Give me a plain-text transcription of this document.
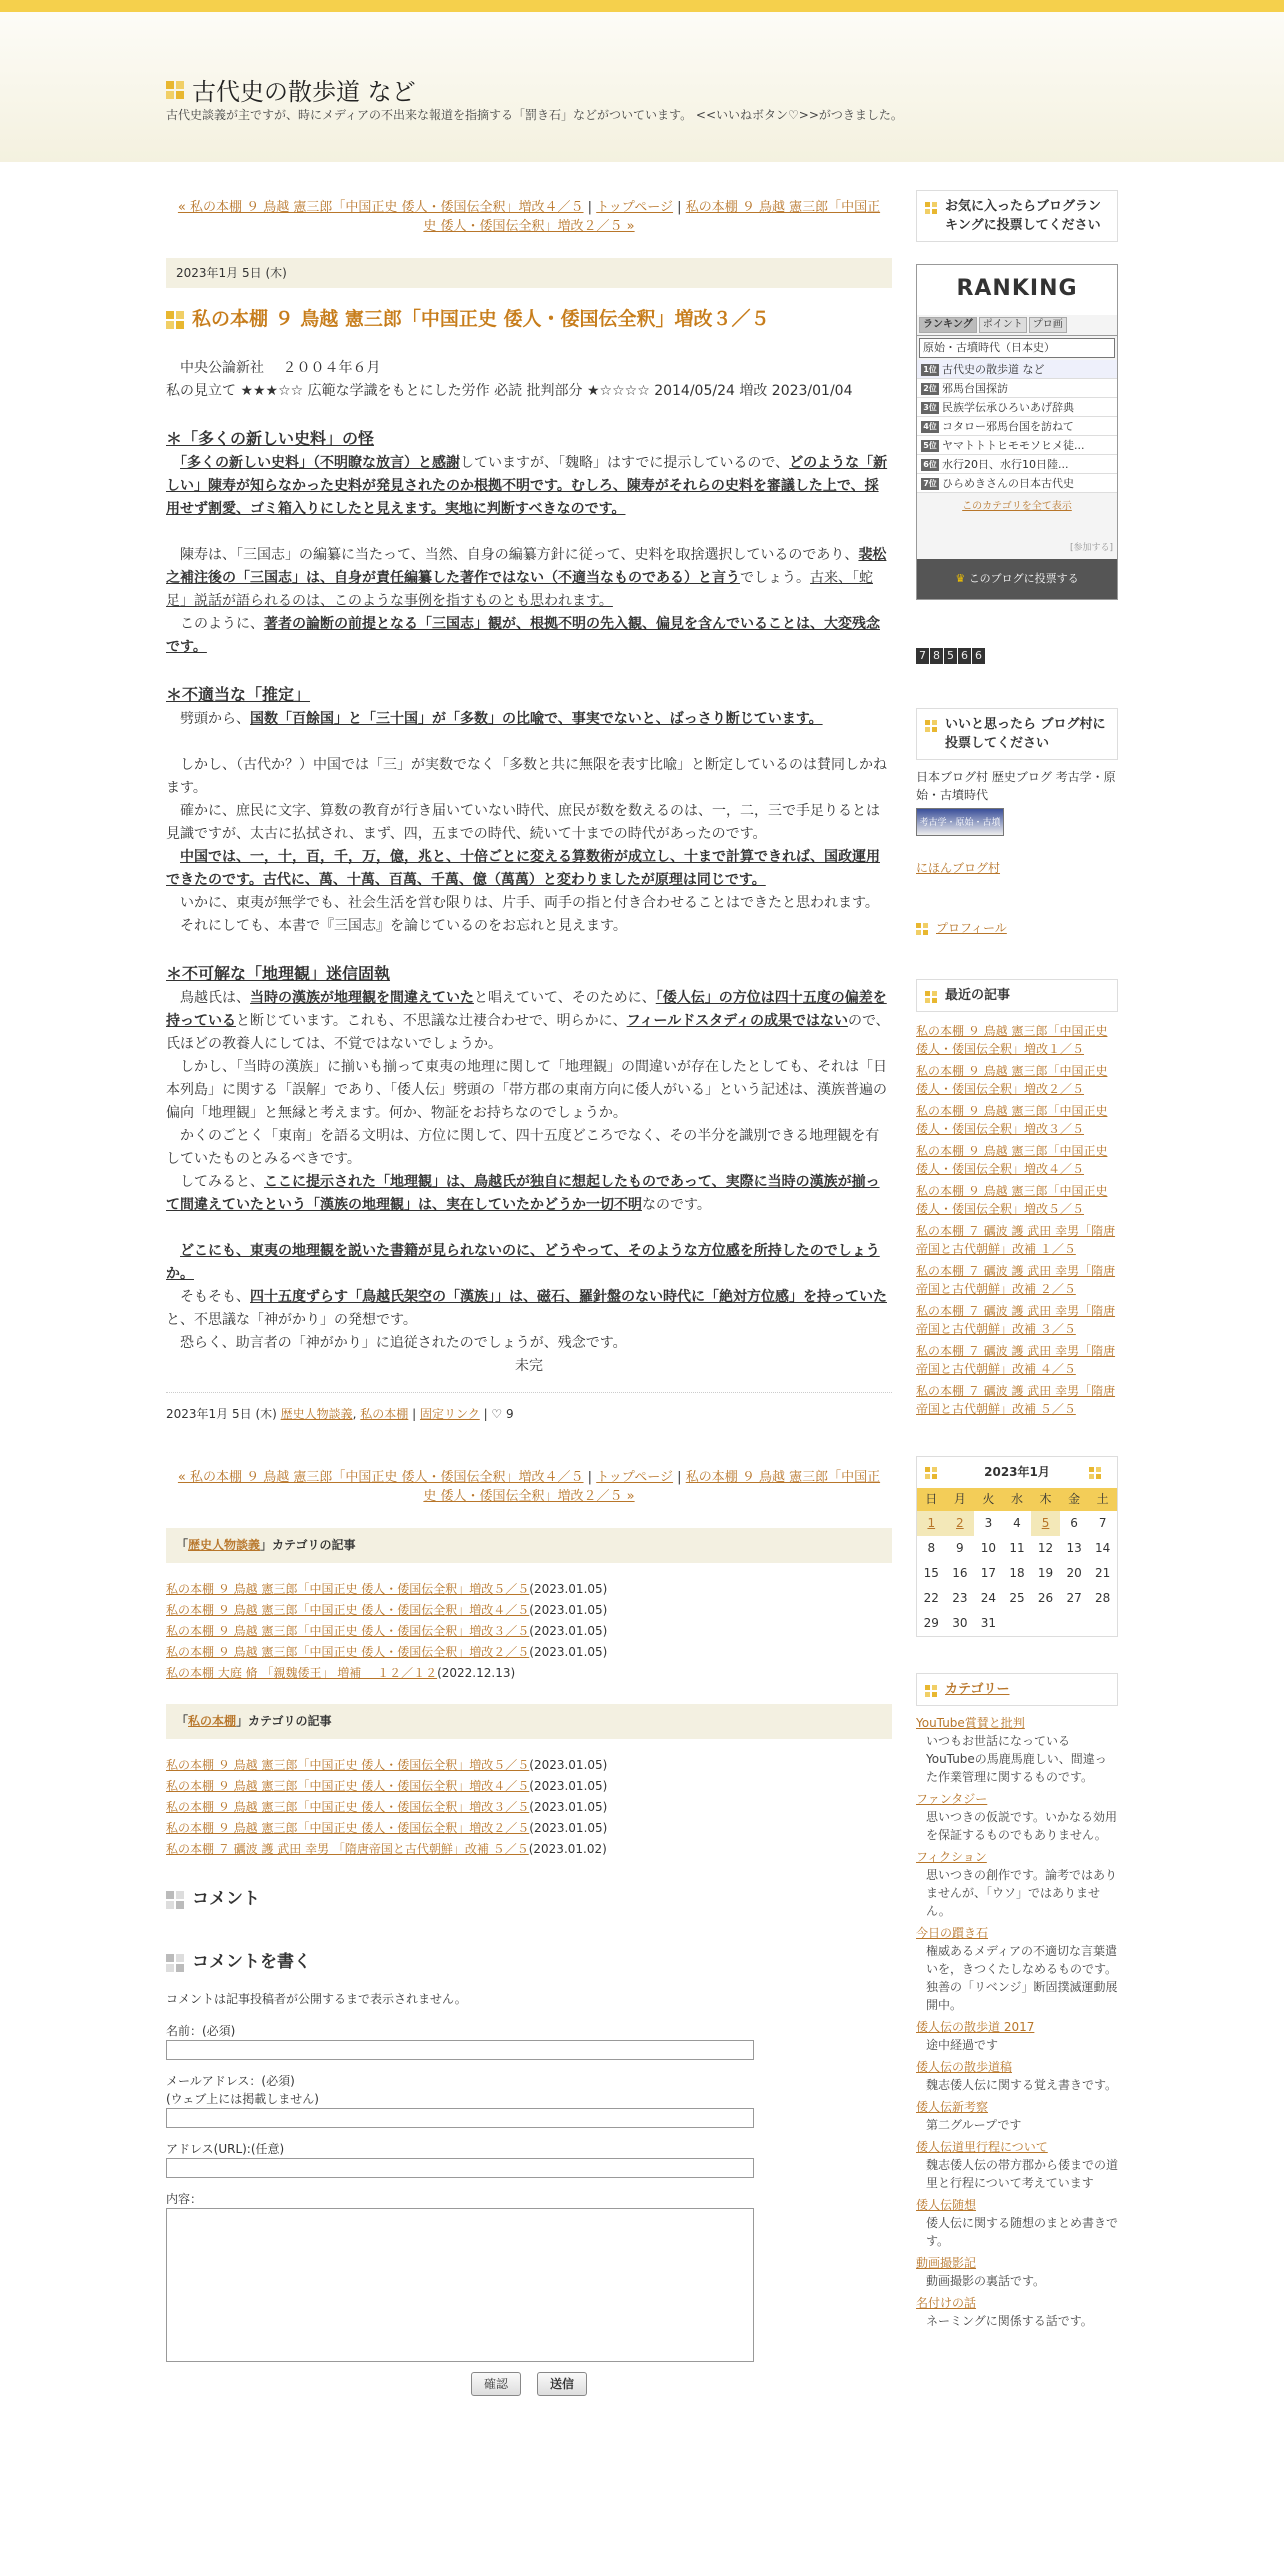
古代史の散歩道 など
古代史談義が主ですが、時にメディアの不出来な報道を指摘する「罰き石」などがついています。 <<いいねボタン♡>>がつきました。
« 私の本棚 ９ 鳥越 憲三郎「中国正史 倭人・倭国伝全釈」増改４／５ | トップページ | 私の本棚 ９ 鳥越 憲三郎「中国正史 倭人・倭国伝全釈」増改２／５ »
2023年1月 5日 (木)
私の本棚 ９ 鳥越 憲三郎「中国正史 倭人・倭国伝全釈」増改３／５

　中央公論新社　 ２００４年６月

私の見立て ★★★☆☆ 広範な学識をもとにした労作 必読 批判部分 ★☆☆☆☆ 2014/05/24 増改 2023/01/04

＊「多くの新しい史料」の怪

　「多くの新しい史料」（不明瞭な放言）と感謝していますが、「魏略」はすでに提示しているので、どのような「新しい」陳寿が知らなかった史料が発見されたのか根拠不明です。むしろ、陳寿がそれらの史料を審議した上で、採用せず割愛、ゴミ箱入りにしたと見えます。実地に判断すべきなのです。

　陳寿は、「三国志」の編纂に当たって、当然、自身の編纂方針に従って、史料を取捨選択しているのであり、裴松之補注後の「三国志」は、自身が責任編纂した著作ではない（不適当なものである）と言うでしょう。古来、「蛇足」説話が語られるのは、このような事例を指すものとも思われます。

　このように、著者の論断の前提となる「三国志」観が、根拠不明の先入観、偏見を含んでいることは、大変残念です。

＊不適当な「推定」

　劈頭から、国数「百餘国」と「三十国」が「多数」の比喩で、事実でないと、ばっさり断じています。

　しかし、（古代か？）中国では「三」が実数でなく「多数と共に無限を表す比喩」と断定しているのは賛同しかねます。

　確かに、庶民に文字、算数の教育が行き届いていない時代、庶民が数を数えるのは、一，二，三で手足りるとは見識ですが、太古に払拭され、まず、四，五までの時代、続いて十までの時代があったのです。

　中国では、一，十，百，千，万，億，兆と、十倍ごとに変える算数術が成立し、十まで計算できれば、国政運用できたのです。古代に、萬、十萬、百萬、千萬、億（萬萬）と変わりましたが原理は同じです。

　いかに、東夷が無学でも、社会生活を営む限りは、片手、両手の指と付き合わせることはできたと思われます。

　それにしても、本書で『三国志』を論じているのをお忘れと見えます。

＊不可解な「地理観」迷信固執

　鳥越氏は、当時の漢族が地理観を間違えていたと唱えていて、そのために、「倭人伝」の方位は四十五度の偏差を持っていると断じています。これも、不思議な辻褄合わせで、明らかに、フィールドスタディの成果ではないので、氏ほどの教養人にしては、不覚ではないでしょうか。

　しかし、「当時の漢族」に揃いも揃って東夷の地理に関して「地理観」の間違いが存在したとしても、それは「日本列島」に関する「誤解」であり、「倭人伝」劈頭の「帯方郡の東南方向に倭人がいる」という記述は、漢族普遍の偏向「地理観」と無縁と考えます。何か、物証をお持ちなのでしょうか。

　かくのごとく「東南」を語る文明は、方位に関して、四十五度どころでなく、その半分を識別できる地理観を有していたものとみるべきです。

　してみると、ここに提示された「地理観」は、鳥越氏が独自に想起したものであって、実際に当時の漢族が揃って間違えていたという「漢族の地理観」は、実在していたかどうか一切不明なのです。

　どこにも、東夷の地理観を説いた書籍が見られないのに、どうやって、そのような方位感を所持したのでしょうか。

　そもそも、四十五度ずらす「鳥越氏架空の「漢族」」は、磁石、羅針盤のない時代に「絶対方位感」を持っていたと、不思議な「神がかり」の発想です。

　恐らく、助言者の「神がかり」に追従されたのでしょうが、残念です。

未完

2023年1月 5日 (木) 歴史人物談義, 私の本棚 | 固定リンク | ♡ 9
« 私の本棚 ９ 鳥越 憲三郎「中国正史 倭人・倭国伝全釈」増改４／５ | トップページ | 私の本棚 ９ 鳥越 憲三郎「中国正史 倭人・倭国伝全釈」増改２／５ »
「歴史人物談義」カテゴリの記事
私の本棚 ９ 鳥越 憲三郎「中国正史 倭人・倭国伝全釈」増改５／５(2023.01.05)
私の本棚 ９ 鳥越 憲三郎「中国正史 倭人・倭国伝全釈」増改４／５(2023.01.05)
私の本棚 ９ 鳥越 憲三郎「中国正史 倭人・倭国伝全釈」増改３／５(2023.01.05)
私の本棚 ９ 鳥越 憲三郎「中国正史 倭人・倭国伝全釈」増改２／５(2023.01.05)
私の本棚 大庭 脩 「親魏倭王」 増補 　１２／１２(2022.12.13)
「私の本棚」カテゴリの記事
私の本棚 ９ 鳥越 憲三郎「中国正史 倭人・倭国伝全釈」増改５／５(2023.01.05)
私の本棚 ９ 鳥越 憲三郎「中国正史 倭人・倭国伝全釈」増改４／５(2023.01.05)
私の本棚 ９ 鳥越 憲三郎「中国正史 倭人・倭国伝全釈」増改３／５(2023.01.05)
私の本棚 ９ 鳥越 憲三郎「中国正史 倭人・倭国伝全釈」増改２／５(2023.01.05)
私の本棚 ７ 礪波 護 武田 幸男 「隋唐帝国と古代朝鮮」改補 ５／５(2023.01.02)
コメント
コメントを書く

コメントは記事投稿者が公開するまで表示されません。

名前：(必須)
メールアドレス：(必須)
(ウェブ上には掲載しません)
アドレス(URL):(任意)
内容：
確認	送信
お気に入ったらブログランキングに投票してください
RANKING
ランキング	ポイント	プロ画
原始・古墳時代（日本史）
1位 古代史の散歩道 など
2位 邪馬台国探訪
3位 民族学伝承ひろいあげ辞典
4位 コタロー邪馬台国を訪ねて
5位 ヤマトトトヒモモソヒメ徒...
6位 水行20日、水行10日陸...
7位 ひらめきさんの日本古代史
このカテゴリを全て表示
[参加する]
♛ このブログに投票する
7 8 5 6 6
いいと思ったら ブログ村に投票してください
日本ブログ村 歴史ブログ 考古学・原始・古墳時代
考古学・原始・古墳時代
にほんブログ村
プロフィール
最近の記事
私の本棚 ９ 鳥越 憲三郎「中国正史 倭人・倭国伝全釈」増改１／５
私の本棚 ９ 鳥越 憲三郎「中国正史 倭人・倭国伝全釈」増改２／５
私の本棚 ９ 鳥越 憲三郎「中国正史 倭人・倭国伝全釈」増改３／５
私の本棚 ９ 鳥越 憲三郎「中国正史 倭人・倭国伝全釈」増改４／５
私の本棚 ９ 鳥越 憲三郎「中国正史 倭人・倭国伝全釈」増改５／５
私の本棚 ７ 礪波 護 武田 幸男「隋唐帝国と古代朝鮮」改補 １／５
私の本棚 ７ 礪波 護 武田 幸男「隋唐帝国と古代朝鮮」改補 ２／５
私の本棚 ７ 礪波 護 武田 幸男「隋唐帝国と古代朝鮮」改補 ３／５
私の本棚 ７ 礪波 護 武田 幸男「隋唐帝国と古代朝鮮」改補 ４／５
私の本棚 ７ 礪波 護 武田 幸男「隋唐帝国と古代朝鮮」改補 ５／５
2023年1月
日	月	火	水	木	金	土
1	2	3	4	5	6	7
8	9	10	11	12	13	14
15	16	17	18	19	20	21
22	23	24	25	26	27	28
29	30	31				
カテゴリー
YouTube賞賛と批判
いつもお世話になっているYouTubeの馬鹿馬鹿しい、間違った作業管理に関するものです。
ファンタジー
思いつきの仮説です。いかなる効用を保証するものでもありません。
フィクション
思いつきの創作です。論考ではありませんが、「ウソ」ではありません。
今日の躓き石
権威あるメディアの不適切な言葉遣いを，きつくたしなめるものです。独善の「リベンジ」断固撲滅運動展開中。
倭人伝の散歩道 2017
途中経過です
倭人伝の散歩道稿
魏志倭人伝に関する覚え書きです。
倭人伝新考察
第二グループです
倭人伝道里行程について
魏志倭人伝の帯方郡から倭までの道里と行程について考えています
倭人伝随想
倭人伝に関する随想のまとめ書きです。
動画撮影記
動画撮影の裏話です。
名付けの話
ネーミングに関係する話です。
